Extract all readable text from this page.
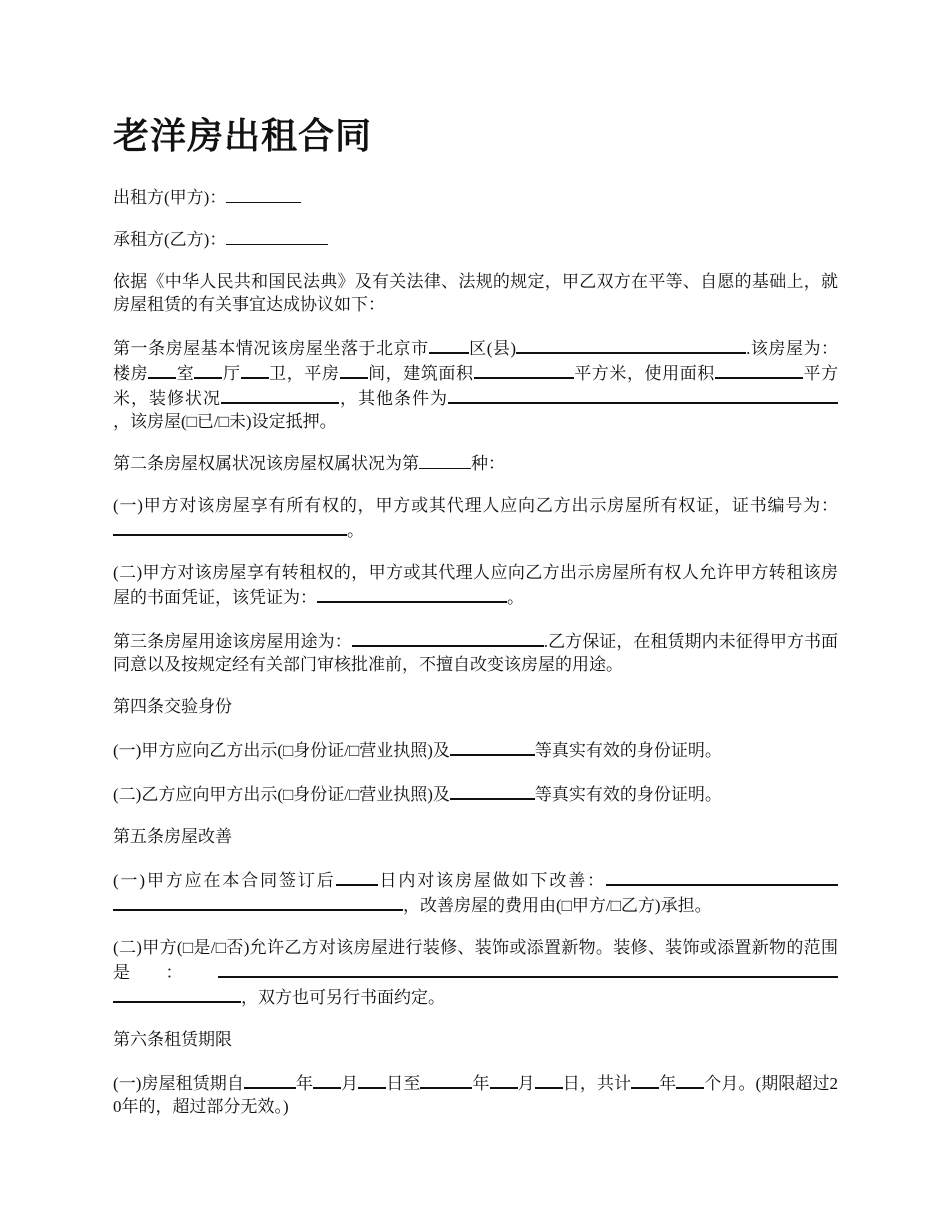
老洋房出租合同

出租方(甲方)：

承租方(乙方)：

依据《中华人民共和国民法典》及有关法律、法规的规定，甲乙双方在平等、自愿的基础上，就房屋租赁的有关事宜达成协议如下：

第一条房屋基本情况该房屋坐落于北京市 区(县)	.该房屋为：楼房 室 厅 卫，平房 间，建筑面积	平方米，使用面积	平方米，装修状况	，其他条件为，该房屋(□已/□未)设定抵押。

第二条房屋权属状况该房屋权属状况为第	种：

(一)甲方对该房屋享有所有权的，甲方或其代理人应向乙方出示房屋所有权证，证书编号为：。

(二)甲方对该房屋享有转租权的，甲方或其代理人应向乙方出示房屋所有权人允许甲方转租该房屋的书面凭证，该凭证为：	。

第三条房屋用途该房屋用途为：	.乙方保证，在租赁期内未征得甲方书面同意以及按规定经有关部门审核批准前，不擅自改变该房屋的用途。

第四条交验身份

(一)甲方应向乙方出示(□身份证/□营业执照)及	等真实有效的身份证明。

(二)乙方应向甲方出示(□身份证/□营业执照)及	等真实有效的身份证明。

第五条房屋改善

(一)甲方应在本合同签订后 日内对该房屋做如下改善：，改善房屋的费用由(□甲方/□乙方)承担。

(二)甲方(□是/□否)允许乙方对该房屋进行装修、装饰或添置新物。装修、装饰或添置新物的范围是：，双方也可另行书面约定。

第六条租赁期限

(一)房屋租赁期自	年 月 日至	年 月 日，共计 年 个月。(期限超过20年的，超过部分无效。)
